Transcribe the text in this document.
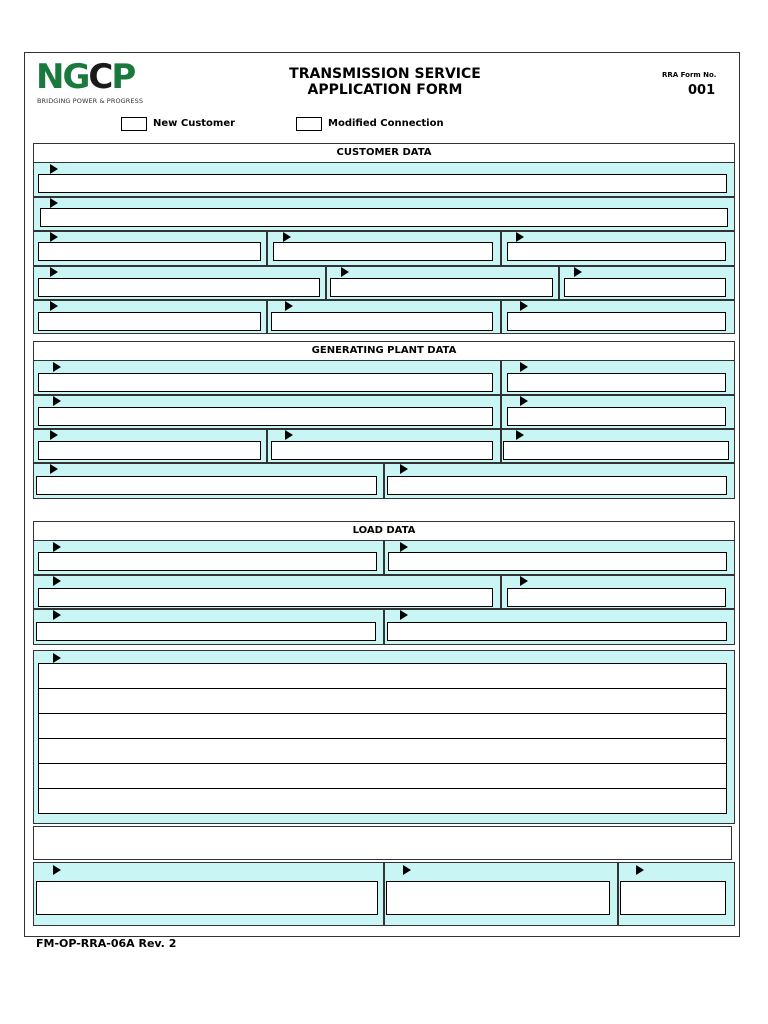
NGCP
BRIDGING POWER & PROGRESS
TRANSMISSION SERVICE
APPLICATION FORM
RRA Form No.
001
New Customer	Modified Connection
CUSTOMER DATA
GENERATING PLANT DATA
LOAD DATA
FM-OP-RRA-06A Rev. 2
